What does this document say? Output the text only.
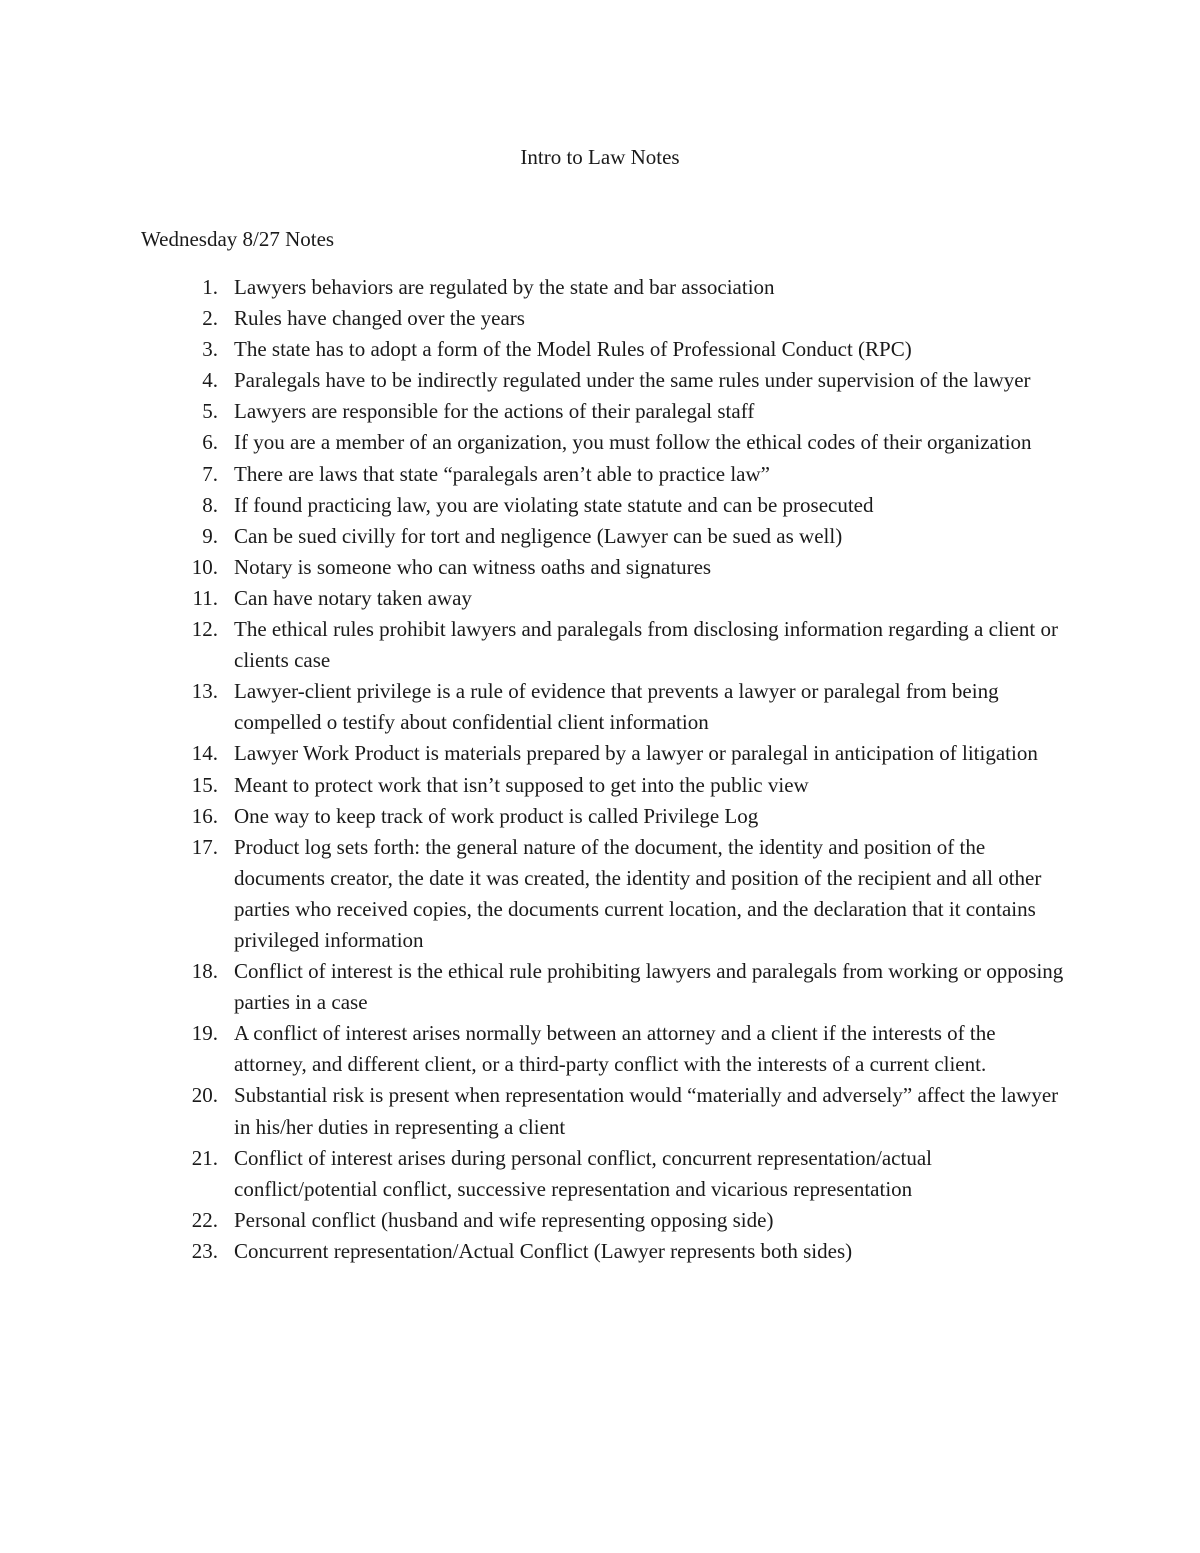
Intro to Law Notes
Wednesday 8/27 Notes
1. Lawyers behaviors are regulated by the state and bar association
2. Rules have changed over the years
3. The state has to adopt a form of the Model Rules of Professional Conduct (RPC)
4. Paralegals have to be indirectly regulated under the same rules under supervision of the lawyer
5. Lawyers are responsible for the actions of their paralegal staff
6. If you are a member of an organization, you must follow the ethical codes of their organization
7. There are laws that state “paralegals aren’t able to practice law”
8. If found practicing law, you are violating state statute and can be prosecuted
9. Can be sued civilly for tort and negligence (Lawyer can be sued as well)
10. Notary is someone who can witness oaths and signatures
11. Can have notary taken away
12. The ethical rules prohibit lawyers and paralegals from disclosing information regarding a client or clients case
13. Lawyer-client privilege is a rule of evidence that prevents a lawyer or paralegal from being compelled o testify about confidential client information
14. Lawyer Work Product is materials prepared by a lawyer or paralegal in anticipation of litigation
15. Meant to protect work that isn’t supposed to get into the public view
16. One way to keep track of work product is called Privilege Log
17. Product log sets forth: the general nature of the document, the identity and position of the documents creator, the date it was created, the identity and position of the recipient and all other parties who received copies, the documents current location, and the declaration that it contains privileged information
18. Conflict of interest is the ethical rule prohibiting lawyers and paralegals from working or opposing parties in a case
19. A conflict of interest arises normally between an attorney and a client if the interests of the attorney, and different client, or a third-party conflict with the interests of a current client.
20. Substantial risk is present when representation would “materially and adversely” affect the lawyer in his/her duties in representing a client
21. Conflict of interest arises during personal conflict, concurrent representation/actual conflict/potential conflict, successive representation and vicarious representation
22. Personal conflict (husband and wife representing opposing side)
23. Concurrent representation/Actual Conflict (Lawyer represents both sides)
